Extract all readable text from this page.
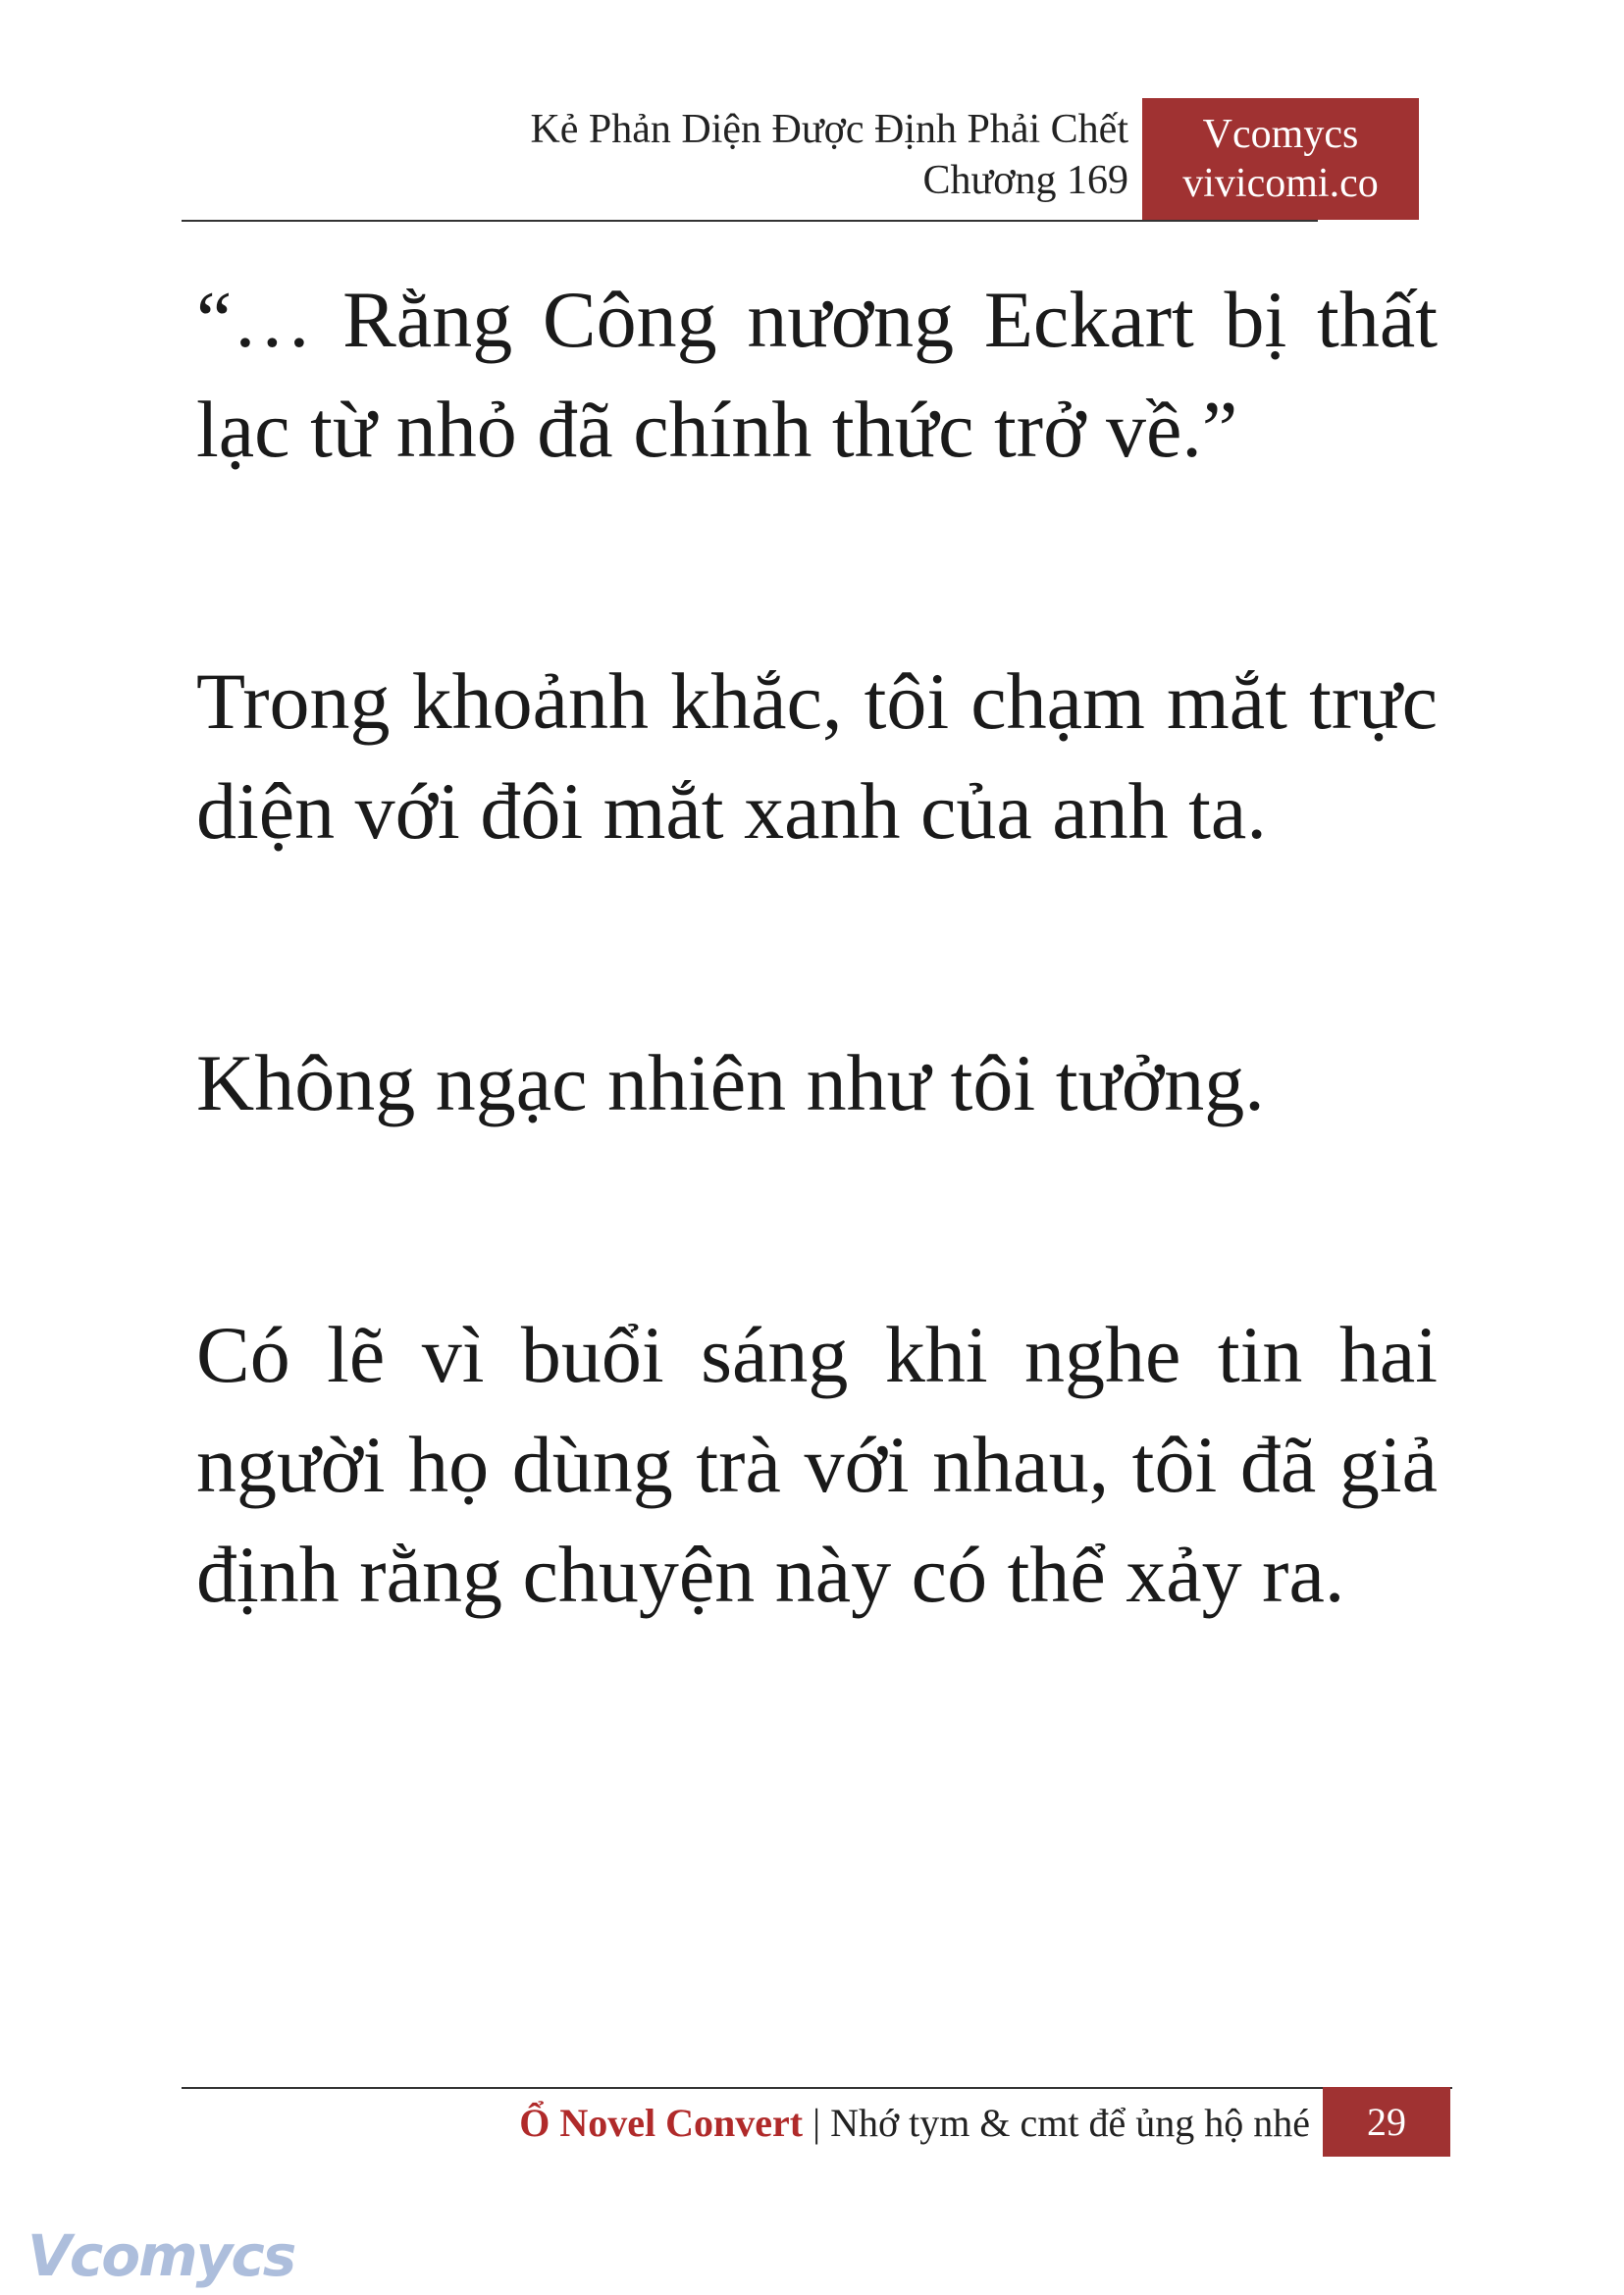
Kẻ Phản Diện Được Định Phải Chết
Chương 169
Vcomycs
vivicomi.co

“… Rằng Công nương Eckart bị thất lạc từ nhỏ đã chính thức trở về.”

Trong khoảnh khắc, tôi chạm mắt trực diện với đôi mắt xanh của anh ta.

Không ngạc nhiên như tôi tưởng.

Có lẽ vì buổi sáng khi nghe tin hai người họ dùng trà với nhau, tôi đã giả định rằng chuyện này có thể xảy ra.

Ổ Novel Convert | Nhớ tym & cmt để ủng hộ nhé	29
Vcomycs
